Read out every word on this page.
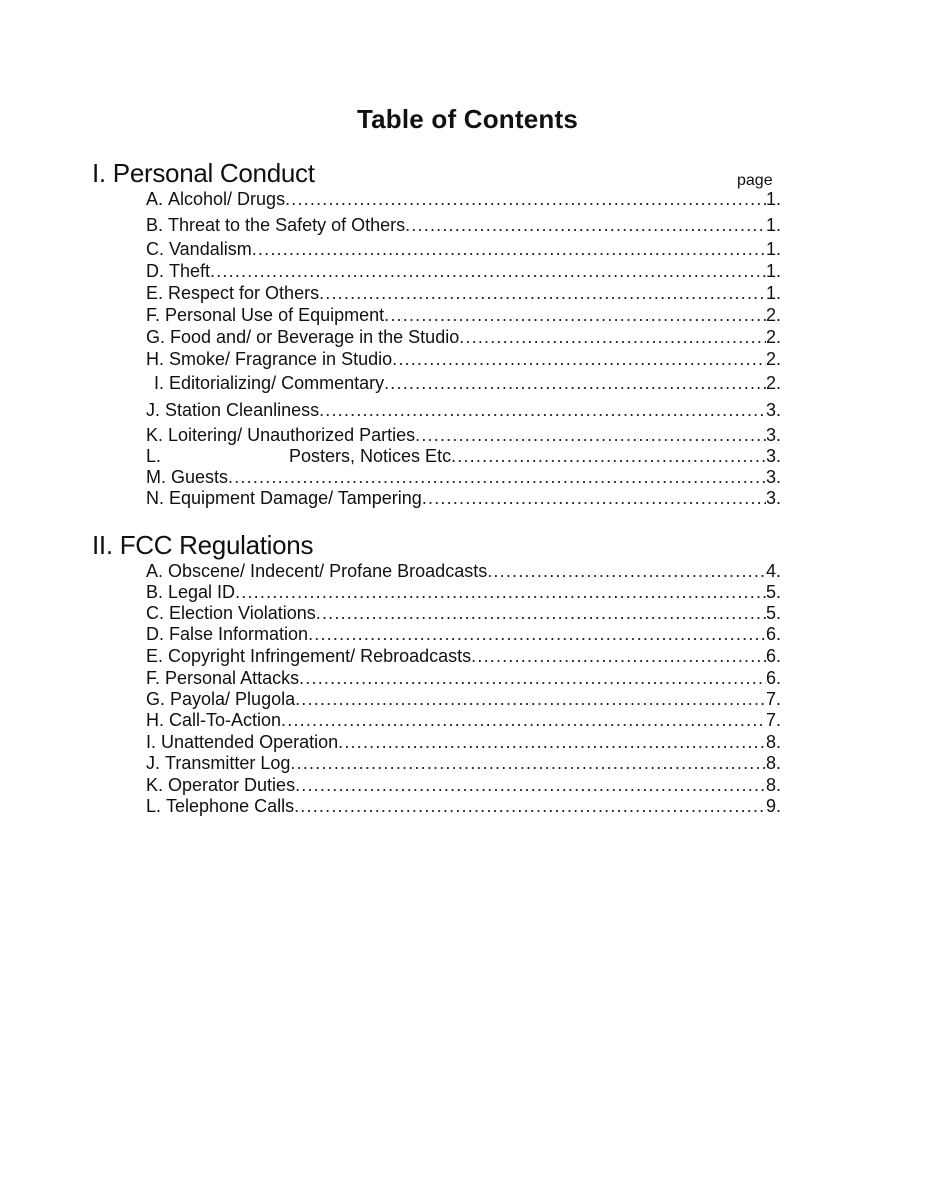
Table of Contents
I. Personal Conduct	page
A. Alcohol/ Drugs .....	1.
B. Threat to the Safety of Others .....	1.
C. Vandalism .....	1.
D. Theft .....	1.
E. Respect for Others .....	1.
F. Personal Use of Equipment .....	2.
G. Food and/ or Beverage in the Studio .....	2.
H. Smoke/ Fragrance in Studio .....	2.
I. Editorializing/ Commentary .....	2.
J. Station Cleanliness .....	3.
K. Loitering/ Unauthorized Parties .....	3.
L.	Posters, Notices Etc .....	3.
M. Guests .....	3.
N. Equipment Damage/ Tampering .....	3.
II. FCC Regulations
A. Obscene/ Indecent/ Profane Broadcasts .....	4.
B. Legal ID .....	5.
C. Election Violations .....	5.
D. False Information .....	6.
E. Copyright Infringement/ Rebroadcasts .....	6.
F. Personal Attacks .....	6.
G. Payola/ Plugola .....	7.
H. Call-To-Action .....	7.
I. Unattended Operation .....	8.
J. Transmitter Log .....	8.
K. Operator Duties .....	8.
L. Telephone Calls .....	9.
